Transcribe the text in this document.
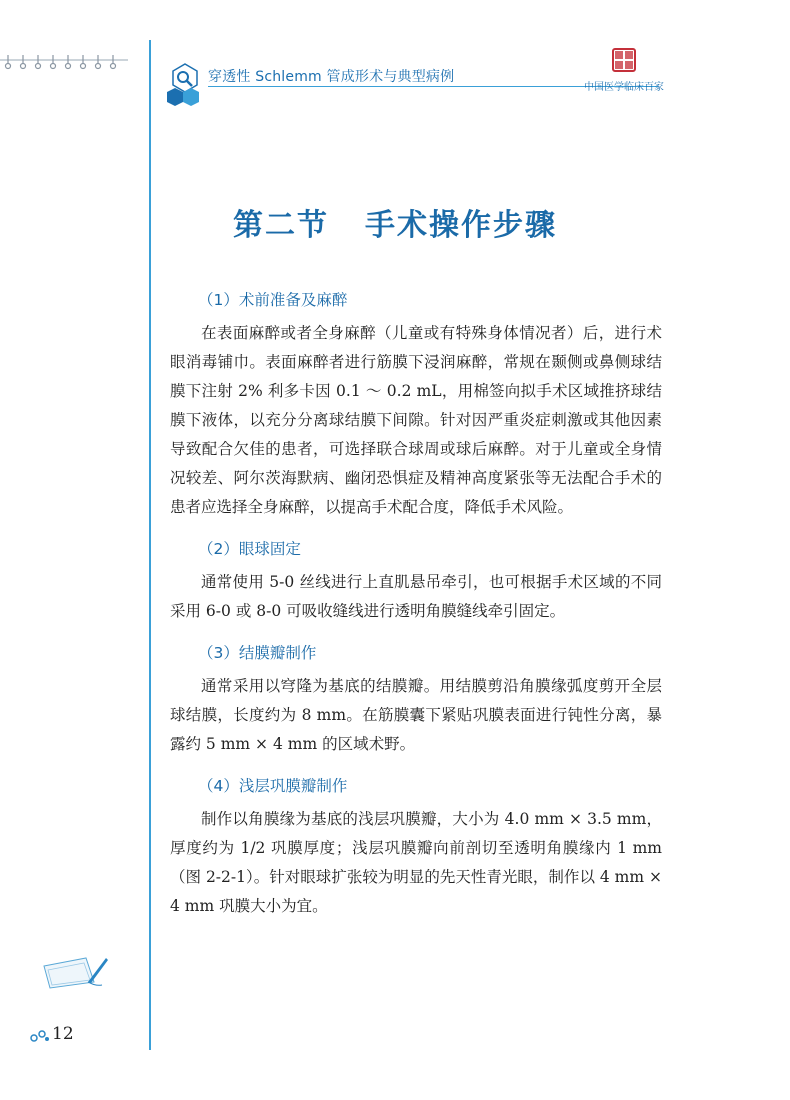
穿透性 Schlemm 管成形术与典型病例
中国医学临床百家
第二节 手术操作步骤
（1）术前准备及麻醉

在表面麻醉或者全身麻醉（儿童或有特殊身体情况者）后，进行术眼消毒铺巾。表面麻醉者进行筋膜下浸润麻醉，常规在颞侧或鼻侧球结膜下注射 2% 利多卡因 0.1 ～ 0.2 mL，用棉签向拟手术区域推挤球结膜下液体，以充分分离球结膜下间隙。针对因严重炎症刺激或其他因素导致配合欠佳的患者，可选择联合球周或球后麻醉。对于儿童或全身情况较差、阿尔茨海默病、幽闭恐惧症及精神高度紧张等无法配合手术的患者应选择全身麻醉，以提高手术配合度，降低手术风险。

（2）眼球固定

通常使用 5-0 丝线进行上直肌悬吊牵引，也可根据手术区域的不同采用 6-0 或 8-0 可吸收缝线进行透明角膜缝线牵引固定。

（3）结膜瓣制作

通常采用以穹隆为基底的结膜瓣。用结膜剪沿角膜缘弧度剪开全层球结膜，长度约为 8 mm。在筋膜囊下紧贴巩膜表面进行钝性分离，暴露约 5 mm × 4 mm 的区域术野。

（4）浅层巩膜瓣制作

制作以角膜缘为基底的浅层巩膜瓣，大小为 4.0 mm × 3.5 mm，厚度约为 1/2 巩膜厚度；浅层巩膜瓣向前剖切至透明角膜缘内 1 mm（图 2-2-1）。针对眼球扩张较为明显的先天性青光眼，制作以 4 mm × 4 mm 巩膜大小为宜。

12
